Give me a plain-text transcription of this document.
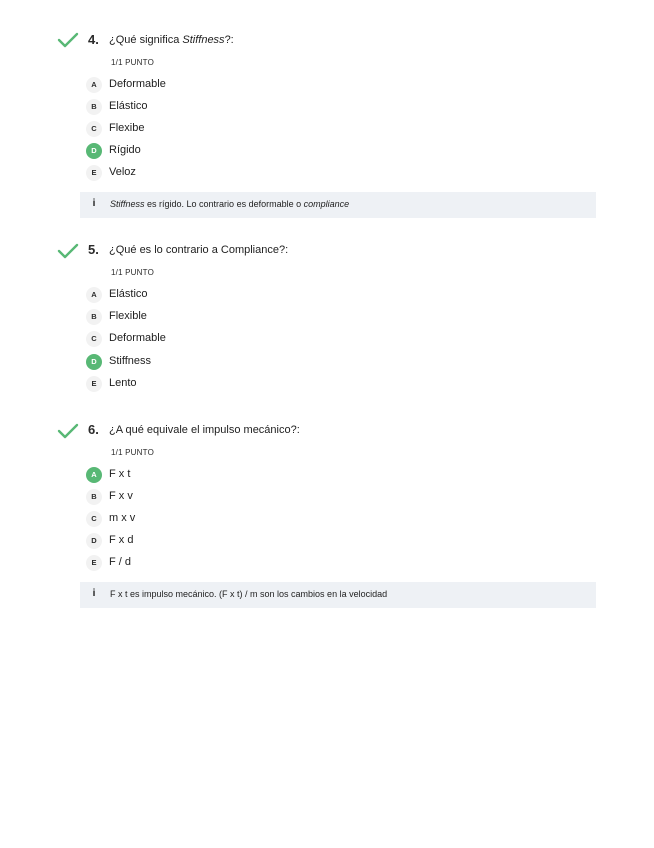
4. ¿Qué significa Stiffness?:
1/1 PUNTO
A	Deformable
B	Elástico
C	Flexibe
D	Rígido
E	Veloz
i Stiffness es rígido. Lo contrario es deformable o compliance
5. ¿Qué es lo contrario a Compliance?:
1/1 PUNTO
A	Elástico
B	Flexible
C	Deformable
D	Stiffness
E	Lento
6. ¿A qué equivale el impulso mecánico?:
1/1 PUNTO
A	F x t
B	F x v
C	m x v
D	F x d
E	F / d
i F x t es impulso mecánico. (F x t) / m son los cambios en la velocidad
